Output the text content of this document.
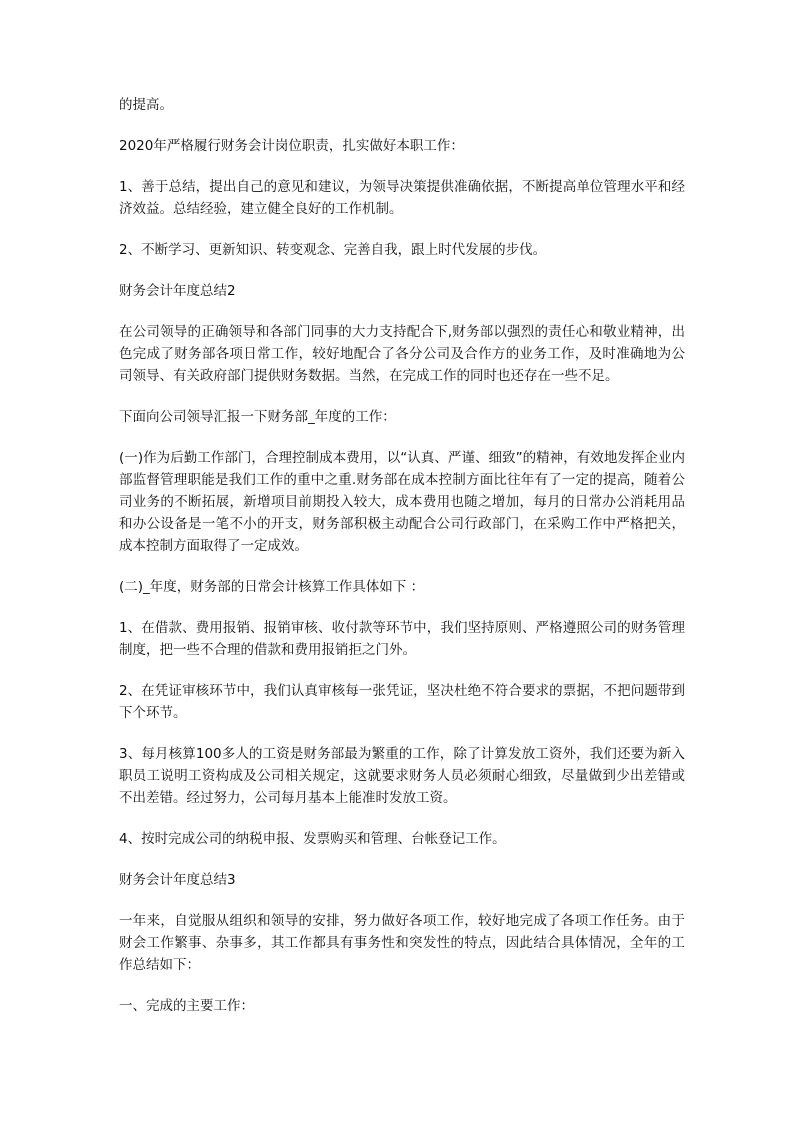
的提高。

2020年严格履行财务会计岗位职责，扎实做好本职工作：

1、善于总结，提出自己的意见和建议，为领导决策提供准确依据，不断提高单位管理水平和经济效益。总结经验，建立健全良好的工作机制。

2、不断学习、更新知识、转变观念、完善自我，跟上时代发展的步伐。

财务会计年度总结2

在公司领导的正确领导和各部门同事的大力支持配合下,财务部以强烈的责任心和敬业精神，出色完成了财务部各项日常工作，较好地配合了各分公司及合作方的业务工作，及时准确地为公司领导、有关政府部门提供财务数据。当然，在完成工作的同时也还存在一些不足。

下面向公司领导汇报一下财务部_年度的工作：

(一)作为后勤工作部门，合理控制成本费用，以“认真、严谨、细致”的精神，有效地发挥企业内部监督管理职能是我们工作的重中之重.财务部在成本控制方面比往年有了一定的提高，随着公司业务的不断拓展，新增项目前期投入较大，成本费用也随之增加，每月的日常办公消耗用品和办公设备是一笔不小的开支，财务部积极主动配合公司行政部门，在采购工作中严格把关，成本控制方面取得了一定成效。

(二)_年度，财务部的日常会计核算工作具体如下 ：

1、在借款、费用报销、报销审核、收付款等环节中，我们坚持原则、严格遵照公司的财务管理制度，把一些不合理的借款和费用报销拒之门外。

2、在凭证审核环节中，我们认真审核每一张凭证，坚决杜绝不符合要求的票据，不把问题带到下个环节。

3、每月核算100多人的工资是财务部最为繁重的工作，除了计算发放工资外，我们还要为新入职员工说明工资构成及公司相关规定，这就要求财务人员必须耐心细致，尽量做到少出差错或不出差错。经过努力，公司每月基本上能准时发放工资。

4、按时完成公司的纳税申报、发票购买和管理、台帐登记工作。

财务会计年度总结3

一年来，自觉服从组织和领导的安排，努力做好各项工作，较好地完成了各项工作任务。由于财会工作繁事、杂事多，其工作都具有事务性和突发性的特点，因此结合具体情况，全年的工作总结如下：

一、完成的主要工作：
